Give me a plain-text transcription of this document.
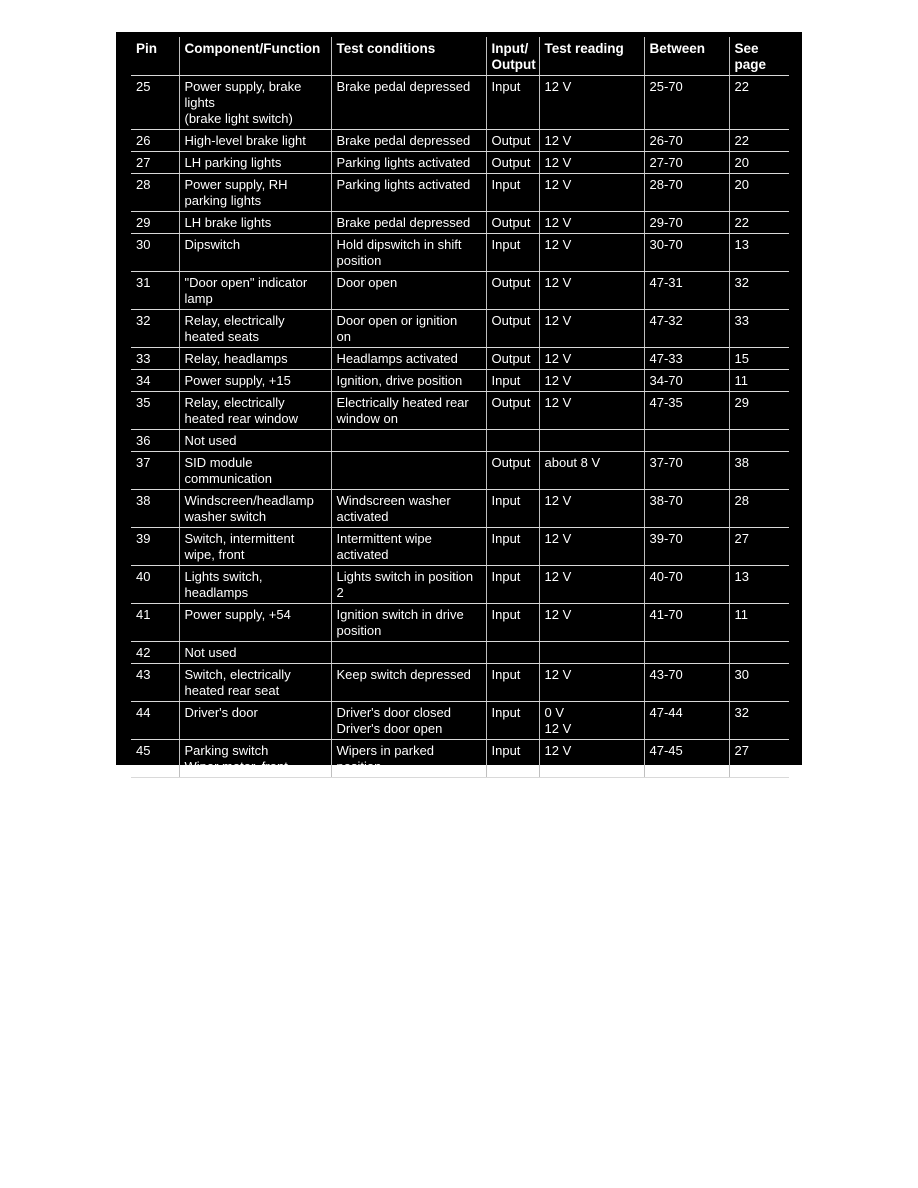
Pin	Component/Function	Test conditions	Input/
Output	Test reading	Between	See
page
25	Power supply, brake
lights
(brake light switch)	Brake pedal depressed	Input	12 V	25-70	22
26	High-level brake light	Brake pedal depressed	Output	12 V	26-70	22
27	LH parking lights	Parking lights activated	Output	12 V	27-70	20
28	Power supply, RH
parking lights	Parking lights activated	Input	12 V	28-70	20
29	LH brake lights	Brake pedal depressed	Output	12 V	29-70	22
30	Dipswitch	Hold dipswitch in shift
position	Input	12 V	30-70	13
31	"Door open" indicator
lamp	Door open	Output	12 V	47-31	32
32	Relay, electrically
heated seats	Door open or ignition
on	Output	12 V	47-32	33
33	Relay, headlamps	Headlamps activated	Output	12 V	47-33	15
34	Power supply, +15	Ignition, drive position	Input	12 V	34-70	11
35	Relay, electrically
heated rear window	Electrically heated rear
window on	Output	12 V	47-35	29
36	Not used					
37	SID module
communication		Output	about 8 V	37-70	38
38	Windscreen/headlamp
washer switch	Windscreen washer
activated	Input	12 V	38-70	28
39	Switch, intermittent
wipe, front	Intermittent wipe
activated	Input	12 V	39-70	27
40	Lights switch,
headlamps	Lights switch in position
2	Input	12 V	40-70	13
41	Power supply, +54	Ignition switch in drive
position	Input	12 V	41-70	11
42	Not used					
43	Switch, electrically
heated rear seat	Keep switch depressed	Input	12 V	43-70	30
44	Driver's door	Driver's door closed
Driver's door open	Input	0 V
12 V	47-44	32
45	Parking switch
Wiper motor, front	Wipers in parked
position	Input	12 V	47-45	27
